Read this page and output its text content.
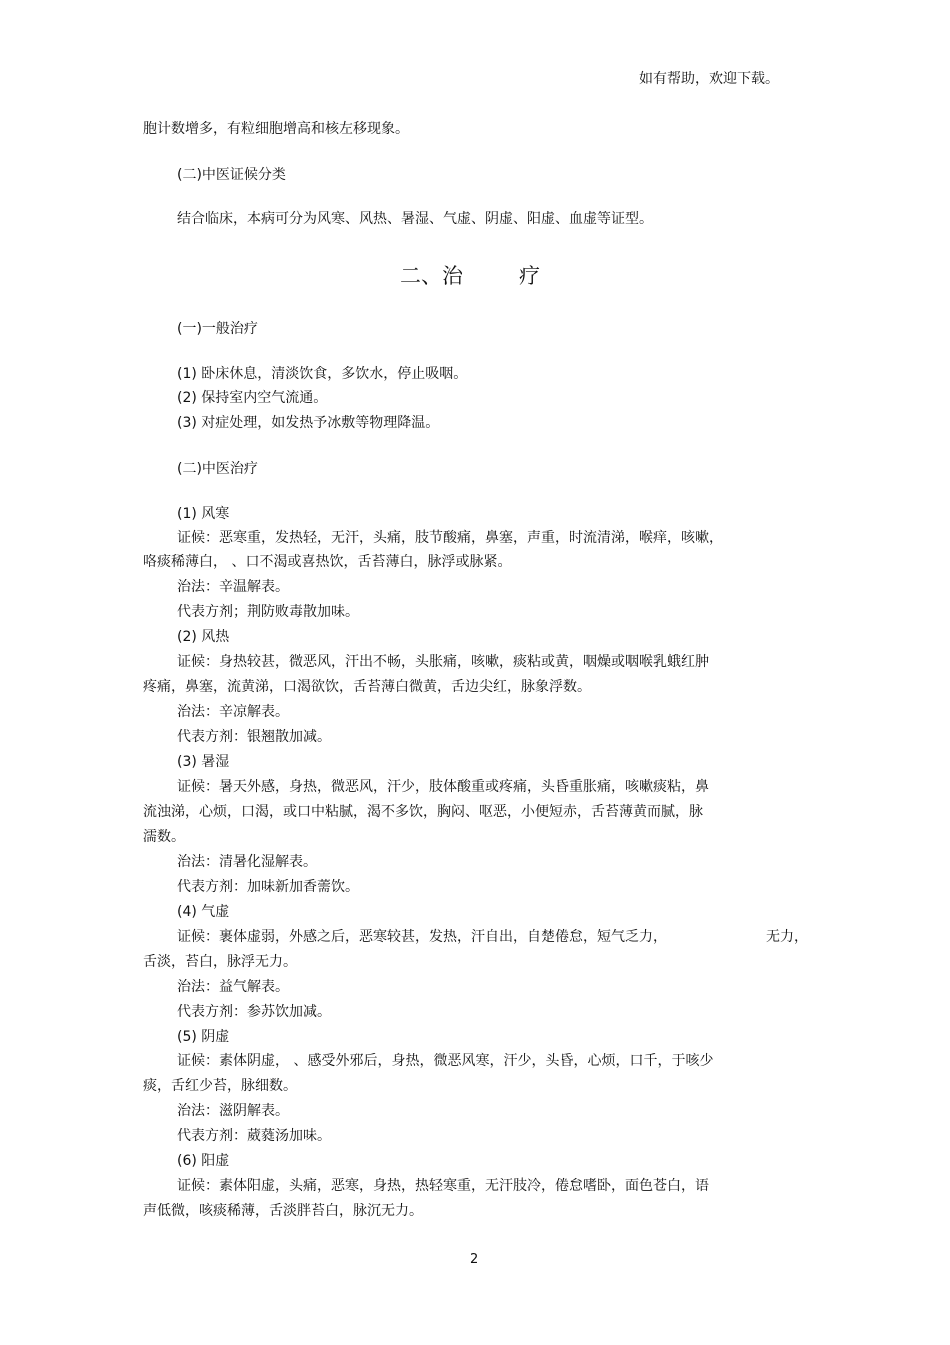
如有帮助，欢迎下载。
胞计数增多，有粒细胞增高和核左移现象。
(二)中医证候分类
结合临床，本病可分为风寒、风热、暑湿、气虚、阴虚、阳虚、血虚等证型。
二、治	疗
(一)一般治疗
(1) 卧床休息，清淡饮食，多饮水，停止吸咽。
(2) 保持室内空气流通。
(3) 对症处理，如发热予冰敷等物理降温。
(二)中医治疗
(1) 风寒
证候：恶寒重，发热轻，无汗，头痛，肢节酸痛，鼻塞，声重，时流清涕，喉痒，咳嗽，
咯痰稀薄白， 、口不渴或喜热饮，舌苔薄白，脉浮或脉紧。
治法：辛温解表。
代表方剂；荆防败毒散加味。
(2) 风热
证候：身热较甚，微恶风，汗出不畅，头胀痛，咳嗽，痰粘或黄，咽燥或咽喉乳蛾红肿
疼痛，鼻塞，流黄涕，口渴欲饮，舌苔薄白微黄，舌边尖红，脉象浮数。
治法：辛凉解表。
代表方剂：银翘散加减。
(3) 暑湿
证候：暑天外感，身热，微恶风，汗少，肢体酸重或疼痛，头昏重胀痛，咳嗽痰粘，鼻
流浊涕，心烦，口渴，或口中粘腻，渴不多饮，胸闷、呕恶，小便短赤，舌苔薄黄而腻，脉
濡数。
治法：清暑化湿解表。
代表方剂：加味新加香薷饮。
(4) 气虚
证候：裹体虚弱，外感之后，恶寒较甚，发热，汗自出，自楚倦怠，短气乏力，	无力，
舌淡，苔白，脉浮无力。
治法：益气解表。
代表方剂：参苏饮加减。
(5) 阴虚
证候：素体阴虚， 、感受外邪后，身热，微恶风寒，汗少，头昏，心烦，口千，于咳少
痰，舌红少苔，脉细数。
治法：滋阴解表。
代表方剂：葳蕤汤加味。
(6) 阳虚
证候：素体阳虚，头痛，恶寒，身热，热轻寒重，无汗肢冷，倦怠嗜卧，面色苍白，语
声低微，咳痰稀薄，舌淡胖苔白，脉沉无力。
2
